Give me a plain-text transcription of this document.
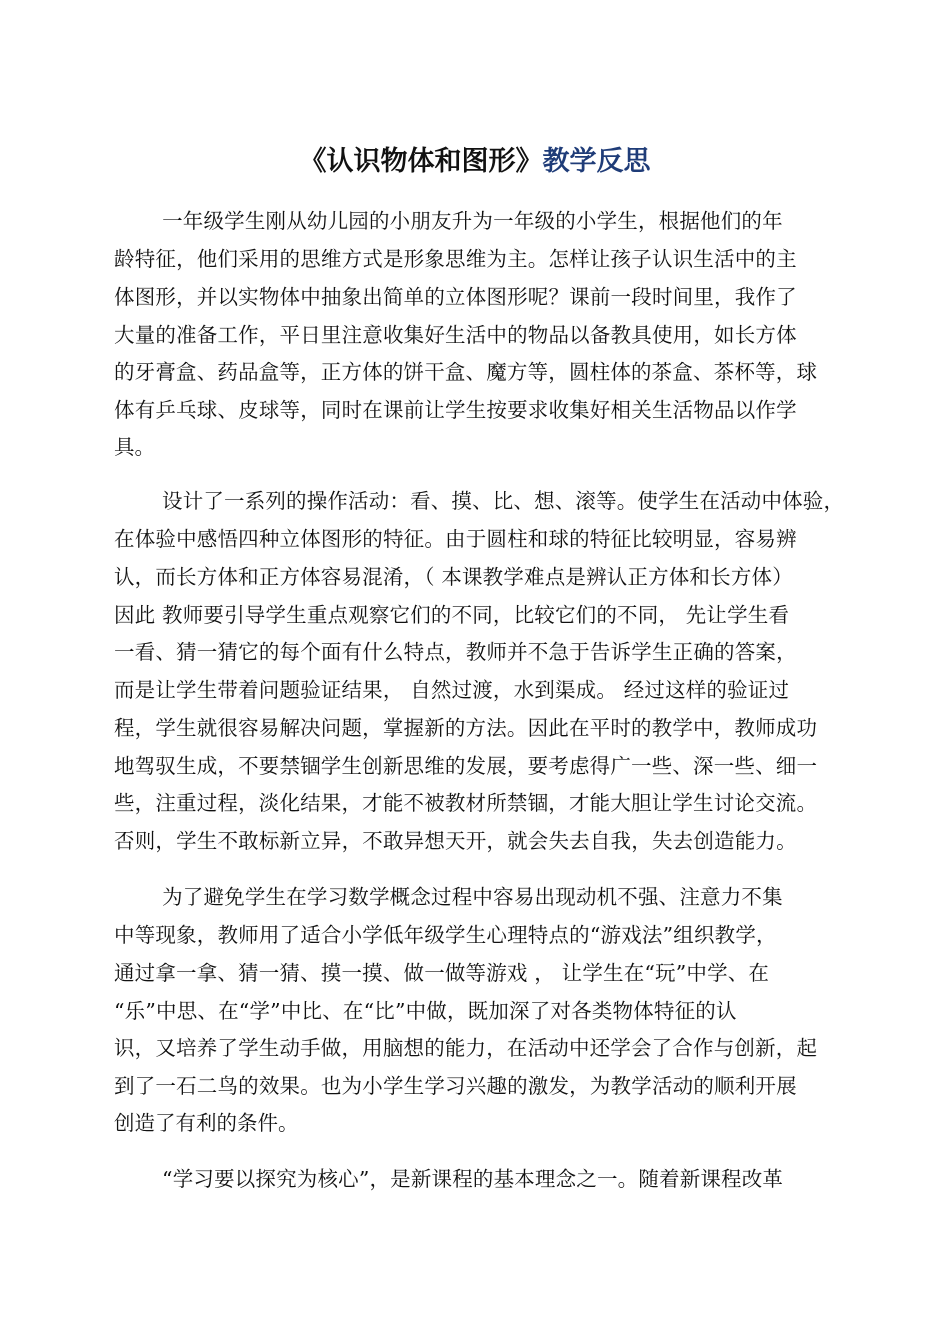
《认识物体和图形》教学反思
　 　一年级学生刚从幼儿园的小朋友升为一年级的小学生，根据他们的年
龄特征，他们采用的思维方式是形象思维为主。怎样让孩子认识生活中的主
体图形，并以实物体中抽象出简单的立体图形呢？课前一段时间里，我作了
大量的准备工作，平日里注意收集好生活中的物品以备教具使用，如长方体
的牙膏盒、药品盒等，正方体的饼干盒、魔方等，圆柱体的茶盒、茶杯等，球
体有乒乓球、皮球等，同时在课前让学生按要求收集好相关生活物品以作学
具。
　 　设计了一系列的操作活动：看、摸、比、想、滚等。使学生在活动中体验，
在体验中感悟四种立体图形的特征。由于圆柱和球的特征比较明显，容易辨
认，而长方体和正方体容易混淆，（ 本课教学难点是辨认正方体和长方体）
因此 教师要引导学生重点观察它们的不同，比较它们的不同， 先让学生看
一看、猜一猜它的每个面有什么特点，教师并不急于告诉学生正确的答案，
而是让学生带着问题验证结果， 自然过渡，水到渠成。 经过这样的验证过
程，学生就很容易解决问题，掌握新的方法。因此在平时的教学中，教师成功
地驾驭生成，不要禁锢学生创新思维的发展，要考虑得广一些、深一些、细一
些，注重过程，淡化结果，才能不被教材所禁锢，才能大胆让学生讨论交流。
否则，学生不敢标新立异，不敢异想天开，就会失去自我，失去创造能力。
　 　为了避免学生在学习数学概念过程中容易出现动机不强、注意力不集
中等现象，教师用了适合小学低年级学生心理特点的“游戏法”组织教学，
通过拿一拿、猜一猜、摸一摸、做一做等游戏 ， 让学生在“玩”中学、在
“乐”中思、在“学”中比、在“比”中做，既加深了对各类物体特征的认
识，又培养了学生动手做，用脑想的能力，在活动中还学会了合作与创新，起
到了一石二鸟的效果。也为小学生学习兴趣的激发，为教学活动的顺利开展
创造了有利的条件。
　 　“学习要以探究为核心”，是新课程的基本理念之一。随着新课程改革
